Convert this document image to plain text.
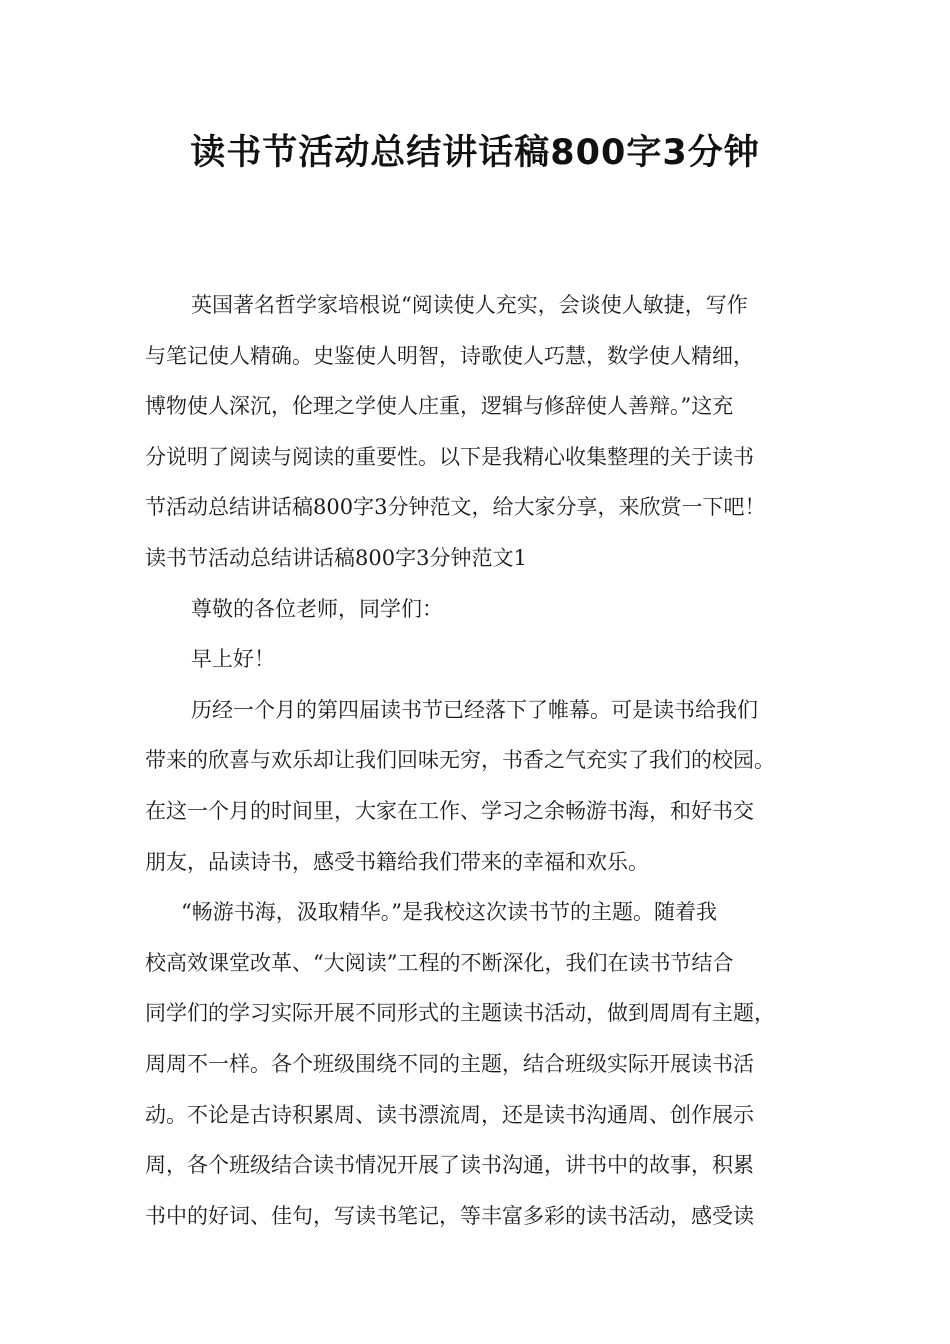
读书节活动总结讲话稿800字3分钟
英国著名哲学家培根说“阅读使人充实，会谈使人敏捷，写作
与笔记使人精确。史鉴使人明智，诗歌使人巧慧，数学使人精细，
博物使人深沉，伦理之学使人庄重，逻辑与修辞使人善辩。”这充
分说明了阅读与阅读的重要性。以下是我精心收集整理的关于读书
节活动总结讲话稿800字3分钟范文，给大家分享，来欣赏一下吧！
读书节活动总结讲话稿800字3分钟范文1
尊敬的各位老师，同学们：
早上好！
历经一个月的第四届读书节已经落下了帷幕。可是读书给我们
带来的欣喜与欢乐却让我们回味无穷，书香之气充实了我们的校园。
在这一个月的时间里，大家在工作、学习之余畅游书海，和好书交
朋友，品读诗书，感受书籍给我们带来的幸福和欢乐。
“畅游书海，汲取精华。”是我校这次读书节的主题。随着我
校高效课堂改革、“大阅读”工程的不断深化，我们在读书节结合
同学们的学习实际开展不同形式的主题读书活动，做到周周有主题，
周周不一样。各个班级围绕不同的主题，结合班级实际开展读书活
动。不论是古诗积累周、读书漂流周，还是读书沟通周、创作展示
周，各个班级结合读书情况开展了读书沟通，讲书中的故事，积累
书中的好词、佳句，写读书笔记，等丰富多彩的读书活动，感受读
